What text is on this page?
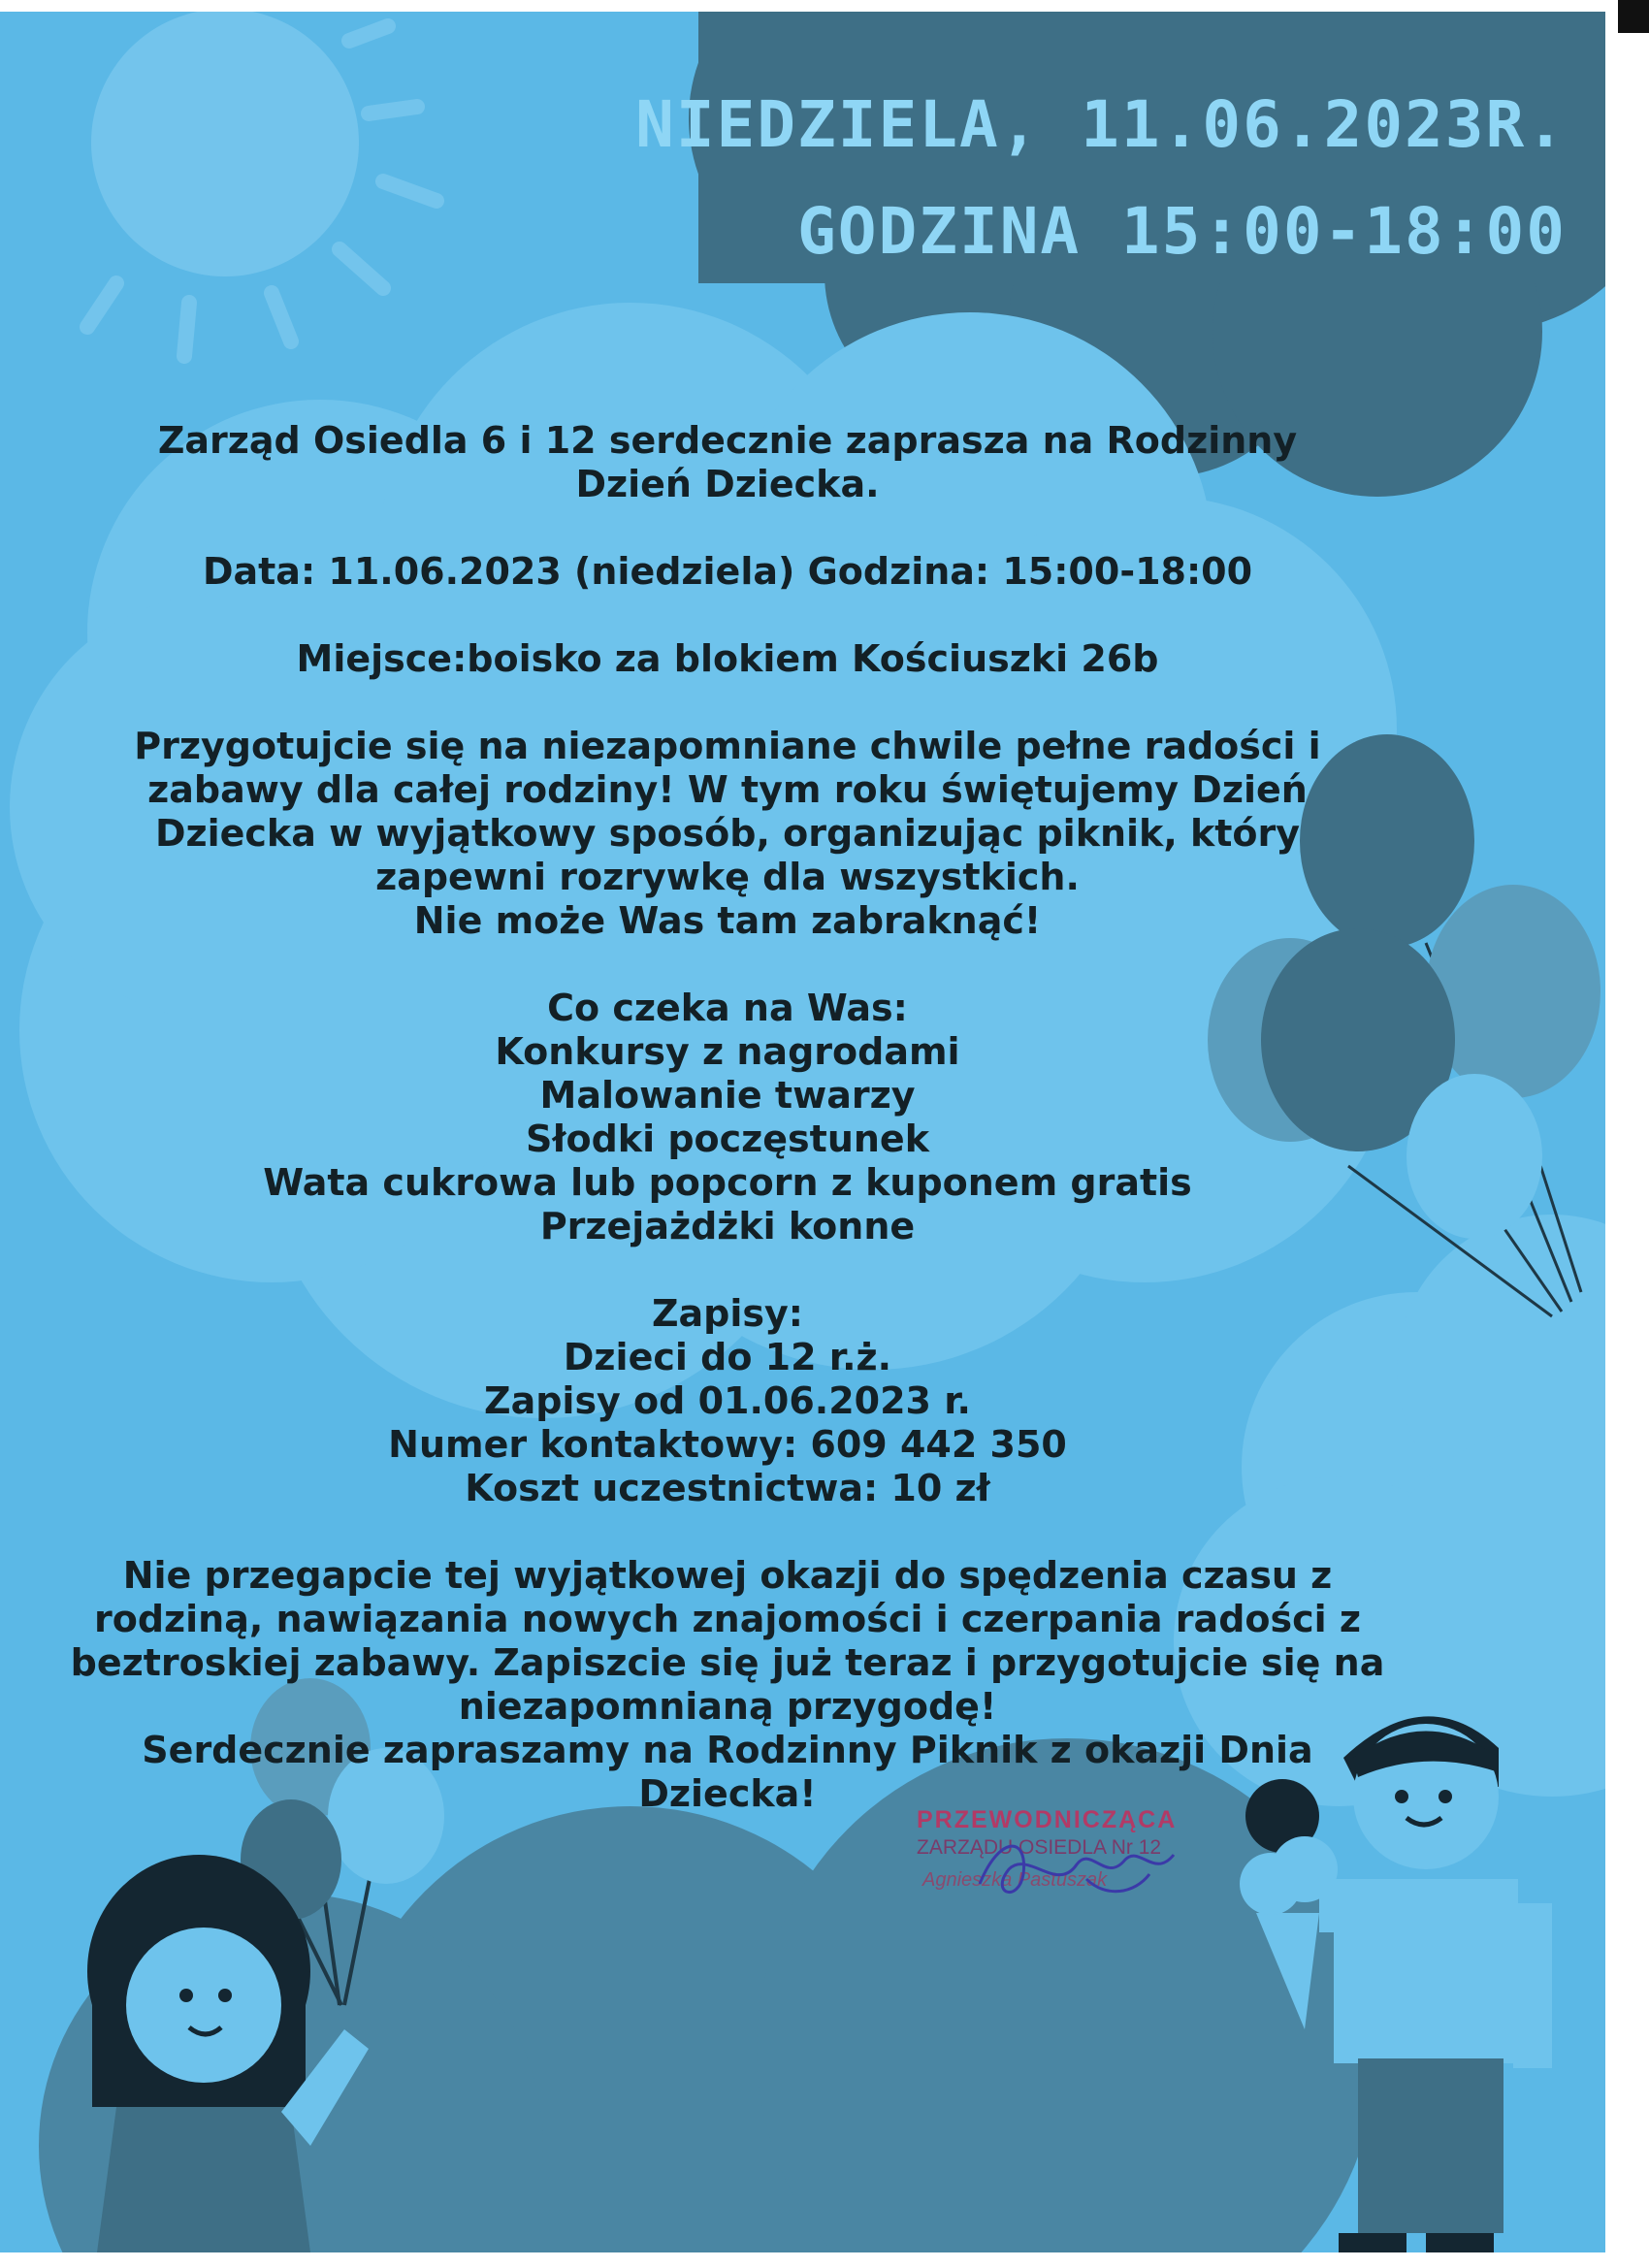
NIEDZIELA, 11.06.2023R.
GODZINA 15:00-18:00
Zarząd Osiedla 6 i 12 serdecznie zaprasza na Rodzinny
Dzień Dziecka.
Data: 11.06.2023 (niedziela) Godzina: 15:00-18:00
Miejsce:boisko za blokiem Kościuszki 26b
Przygotujcie się na niezapomniane chwile pełne radości i
zabawy dla całej rodziny! W tym roku świętujemy Dzień
Dziecka w wyjątkowy sposób, organizując piknik, który
zapewni rozrywkę dla wszystkich.
Nie może Was tam zabraknąć!
Co czeka na Was:
Konkursy z nagrodami
Malowanie twarzy
Słodki poczęstunek
Wata cukrowa lub popcorn z kuponem gratis
Przejażdżki konne
Zapisy:
Dzieci do 12 r.ż.
Zapisy od 01.06.2023 r.
Numer kontaktowy: 609 442 350
Koszt uczestnictwa: 10 zł
Nie przegapcie tej wyjątkowej okazji do spędzenia czasu z
rodziną, nawiązania nowych znajomości i czerpania radości z
beztroskiej zabawy. Zapiszcie się już teraz i przygotujcie się na
niezapomnianą przygodę!
Serdecznie zapraszamy na Rodzinny Piknik z okazji Dnia
Dziecka!
PRZEWODNICZĄCA
ZARZĄDU OSIEDLA Nr 12
Agnieszka Pastuszak
